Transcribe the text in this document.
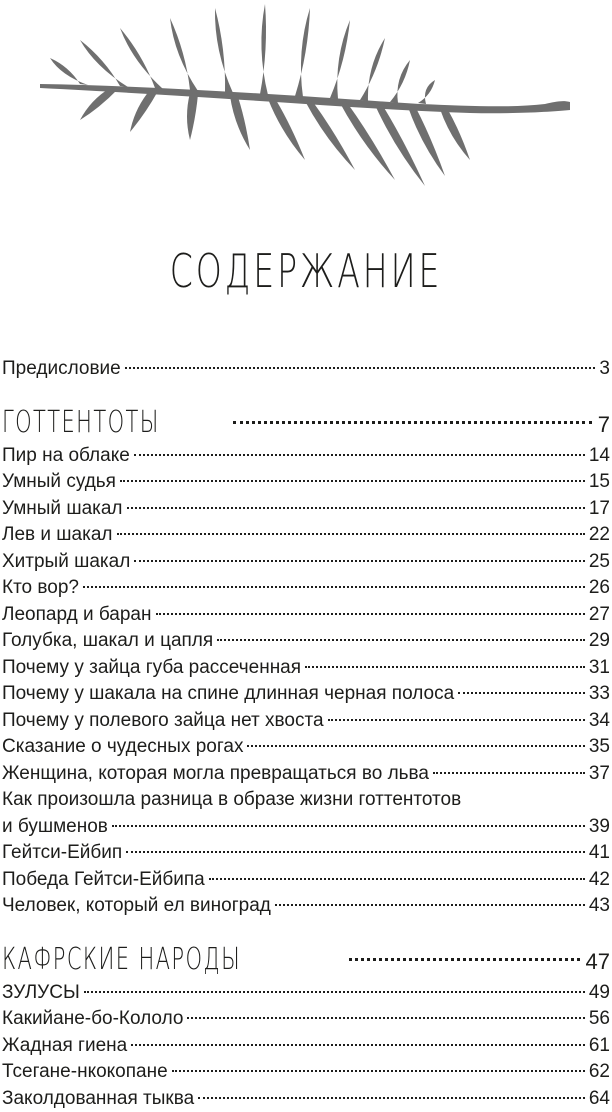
СОДЕРЖАНИЕ
Предисловие	3
ГОТТЕНТОТЫ	7
Пир на облаке	14
Умный судья	15
Умный шакал	17
Лев и шакал	22
Хитрый шакал	25
Кто вор?	26
Леопард и баран	27
Голубка, шакал и цапля	29
Почему у зайца губа рассеченная	31
Почему у шакала на спине длинная черная полоса	33
Почему у полевого зайца нет хвоста	34
Сказание о чудесных рогах	35
Женщина, которая могла превращаться во льва	37
Как произошла разница в образе жизни готтентотов
и бушменов	39
Гейтси-Ейбип	41
Победа Гейтси-Ейбипа	42
Человек, который ел виноград	43
КАФРСКИЕ НАРОДЫ	47
ЗУЛУСЫ	49
Какийане-бо-Кололо	56
Жадная гиена	61
Тсегане-нкокопане	62
Заколдованная тыква	64
